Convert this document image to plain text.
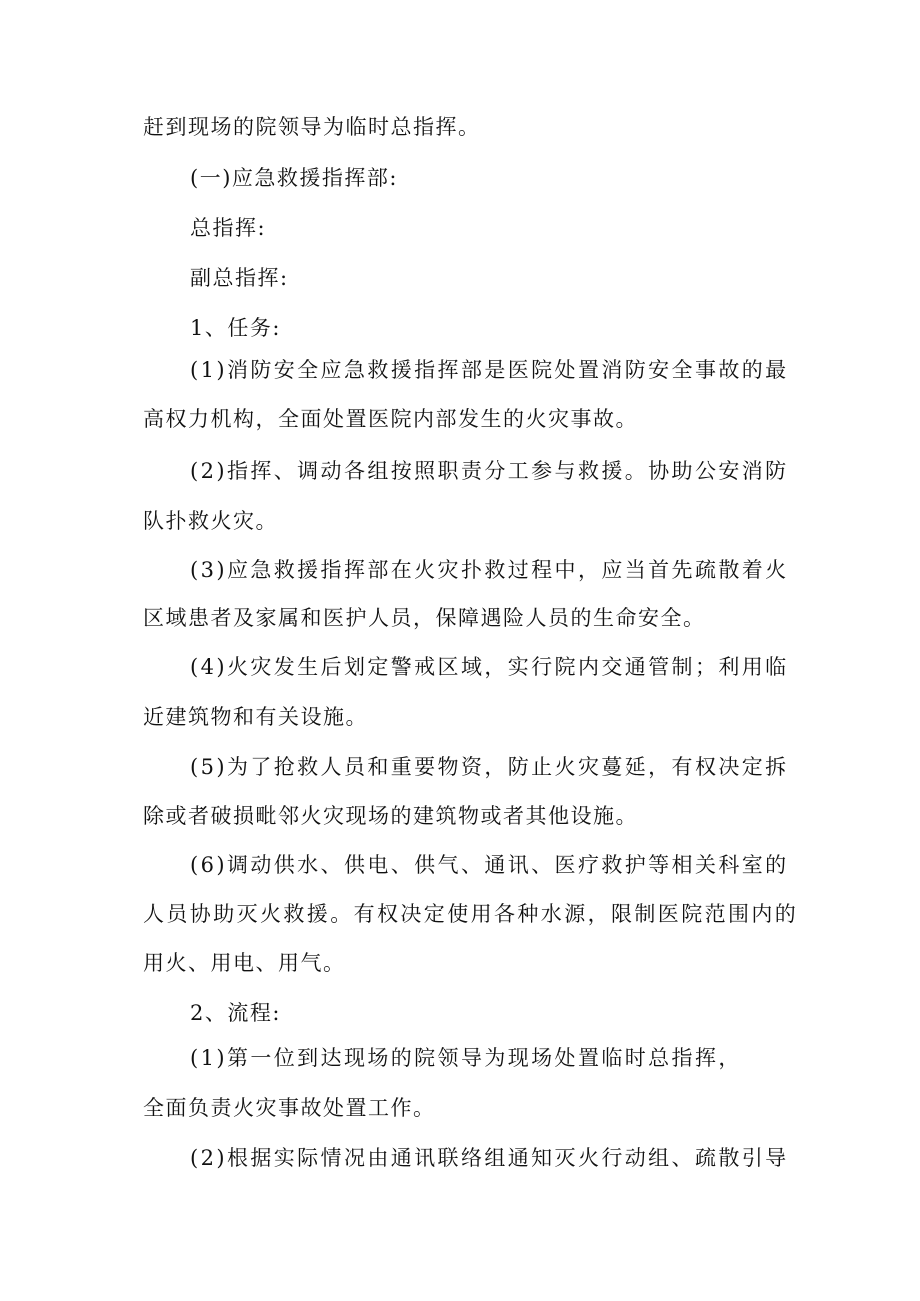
赶到现场的院领导为临时总指挥。
(一)应急救援指挥部:
总指挥:
副总指挥:
1、任务:
(1)消防安全应急救援指挥部是医院处置消防安全事故的最
高权力机构，全面处置医院内部发生的火灾事故。
(2)指挥、调动各组按照职责分工参与救援。协助公安消防
队扑救火灾。
(3)应急救援指挥部在火灾扑救过程中，应当首先疏散着火
区域患者及家属和医护人员，保障遇险人员的生命安全。
(4)火灾发生后划定警戒区域，实行院内交通管制；利用临
近建筑物和有关设施。
(5)为了抢救人员和重要物资，防止火灾蔓延，有权决定拆
除或者破损毗邻火灾现场的建筑物或者其他设施。
(6)调动供水、供电、供气、通讯、医疗救护等相关科室的
人员协助灭火救援。有权决定使用各种水源，限制医院范围内的
用火、用电、用气。
2、流程:
(1)第一位到达现场的院领导为现场处置临时总指挥，
全面负责火灾事故处置工作。
(2)根据实际情况由通讯联络组通知灭火行动组、疏散引导
